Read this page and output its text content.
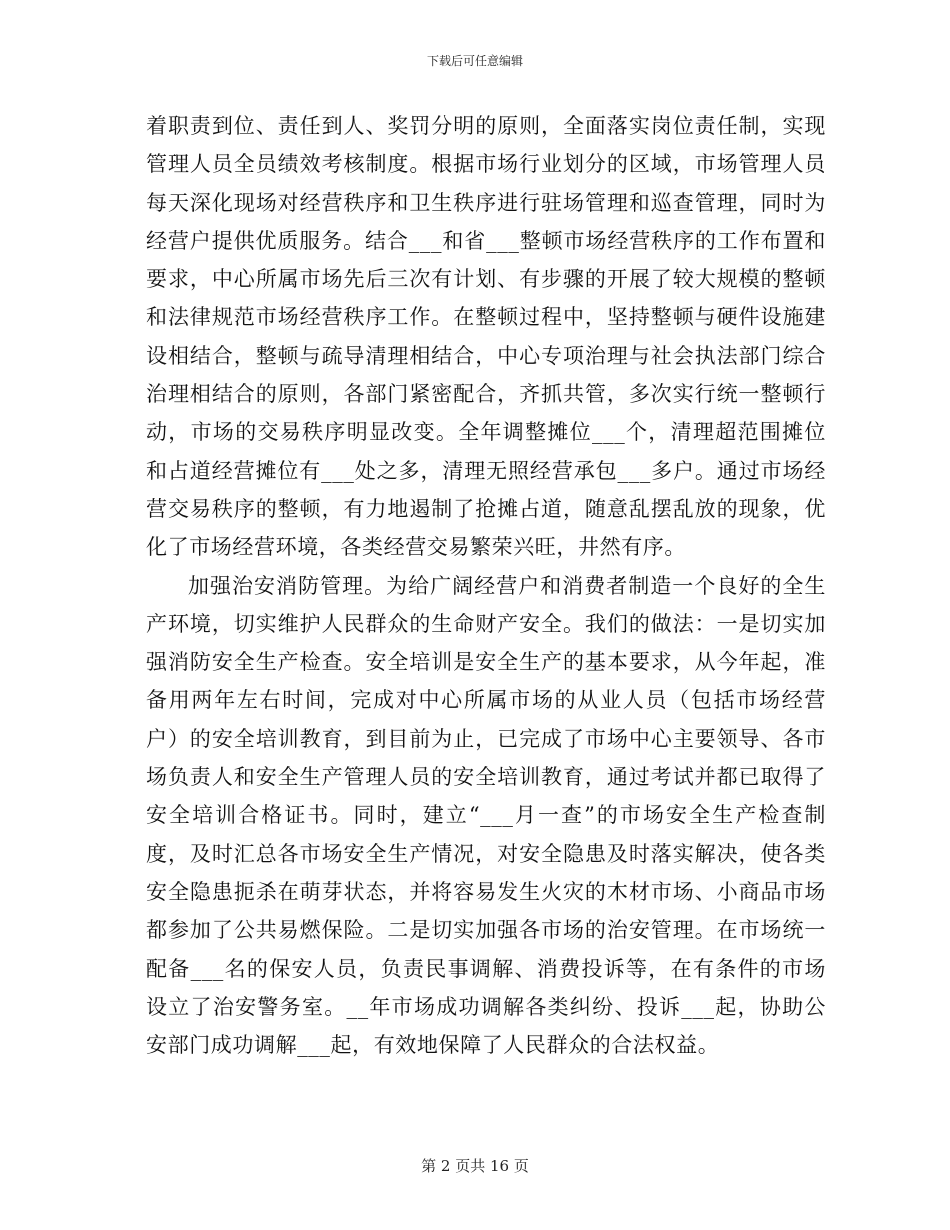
下载后可任意编辑

着职责到位、责任到人、奖罚分明的原则，全面落实岗位责任制，实现管理人员全员绩效考核制度。根据市场行业划分的区域，市场管理人员每天深化现场对经营秩序和卫生秩序进行驻场管理和巡查管理，同时为经营户提供优质服务。结合___和省___整顿市场经营秩序的工作布置和要求，中心所属市场先后三次有计划、有步骤的开展了较大规模的整顿和法律规范市场经营秩序工作。在整顿过程中，坚持整顿与硬件设施建设相结合，整顿与疏导清理相结合，中心专项治理与社会执法部门综合治理相结合的原则，各部门紧密配合，齐抓共管，多次实行统一整顿行动，市场的交易秩序明显改变。全年调整摊位___个，清理超范围摊位和占道经营摊位有___处之多，清理无照经营承包___多户。通过市场经营交易秩序的整顿，有力地遏制了抢摊占道，随意乱摆乱放的现象，优化了市场经营环境，各类经营交易繁荣兴旺，井然有序。

加强治安消防管理。为给广阔经营户和消费者制造一个良好的全生产环境，切实维护人民群众的生命财产安全。我们的做法：一是切实加强消防安全生产检查。安全培训是安全生产的基本要求，从今年起，准备用两年左右时间，完成对中心所属市场的从业人员（包括市场经营户）的安全培训教育，到目前为止，已完成了市场中心主要领导、各市场负责人和安全生产管理人员的安全培训教育，通过考试并都已取得了安全培训合格证书。同时，建立“___月一查”的市场安全生产检查制度，及时汇总各市场安全生产情况，对安全隐患及时落实解决，使各类安全隐患扼杀在萌芽状态，并将容易发生火灾的木材市场、小商品市场都参加了公共易燃保险。二是切实加强各市场的治安管理。在市场统一配备___名的保安人员，负责民事调解、消费投诉等，在有条件的市场设立了治安警务室。__年市场成功调解各类纠纷、投诉___起，协助公安部门成功调解___起，有效地保障了人民群众的合法权益。

第 2 页共 16 页
